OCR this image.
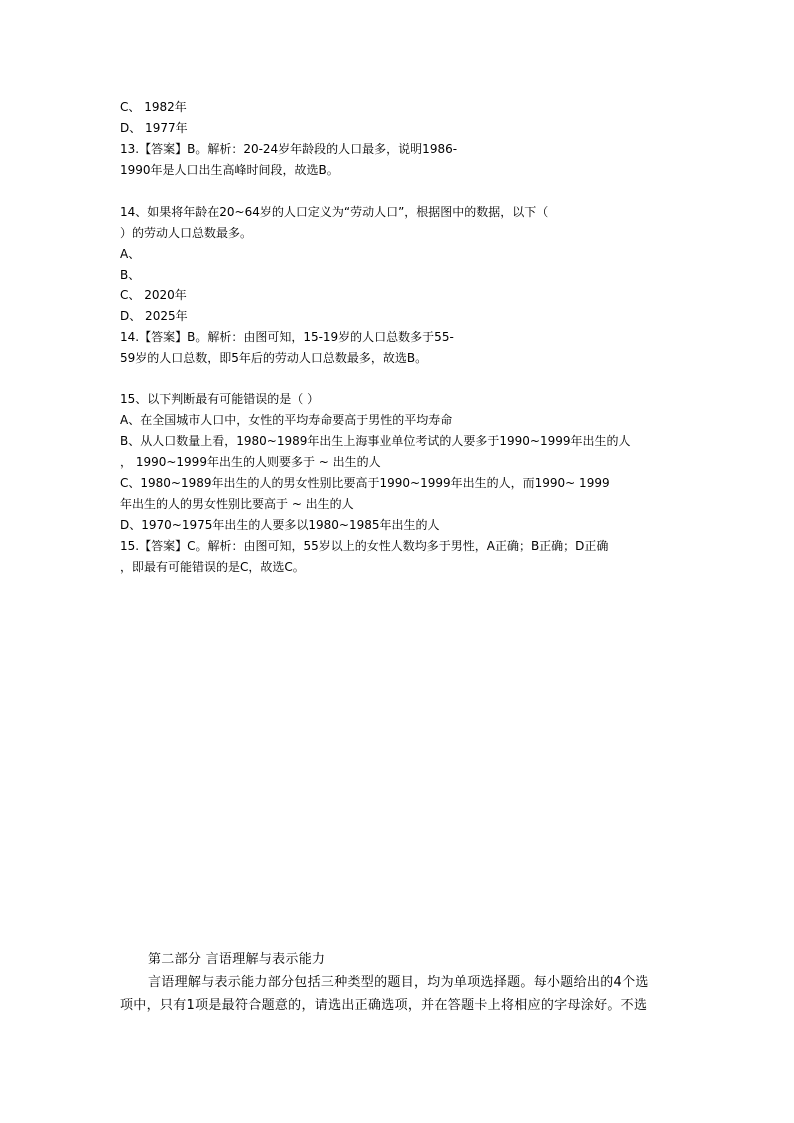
C、 1982年
D、 1977年
13.【答案】B。解析：20-24岁年龄段的人口最多，说明1986-
1990年是人口出生高峰时间段，故选B。
14、如果将年龄在20~64岁的人口定义为“劳动人口”，根据图中的数据，以下（
）的劳动人口总数最多。
A、
B、
C、 2020年
D、 2025年
14.【答案】B。解析：由图可知，15-19岁的人口总数多于55-
59岁的人口总数，即5年后的劳动人口总数最多，故选B。
15、以下判断最有可能错误的是（ ）
A、在全国城市人口中，女性的平均寿命要高于男性的平均寿命
B、从人口数量上看，1980~1989年出生上海事业单位考试的人要多于1990~1999年出生的人
， 1990~1999年出生的人则要多于 ~ 出生的人
C、1980~1989年出生的人的男女性别比要高于1990~1999年出生的人，而1990~ 1999
年出生的人的男女性别比要高于 ~ 出生的人
D、1970~1975年出生的人要多以1980~1985年出生的人
15.【答案】C。解析：由图可知，55岁以上的女性人数均多于男性，A正确；B正确；D正确
，即最有可能错误的是C，故选C。
第二部分 言语理解与表示能力
言语理解与表示能力部分包括三种类型的题目，均为单项选择题。每小题给出的4个选
项中，只有1项是最符合题意的，请选出正确选项，并在答题卡上将相应的字母涂好。不选
